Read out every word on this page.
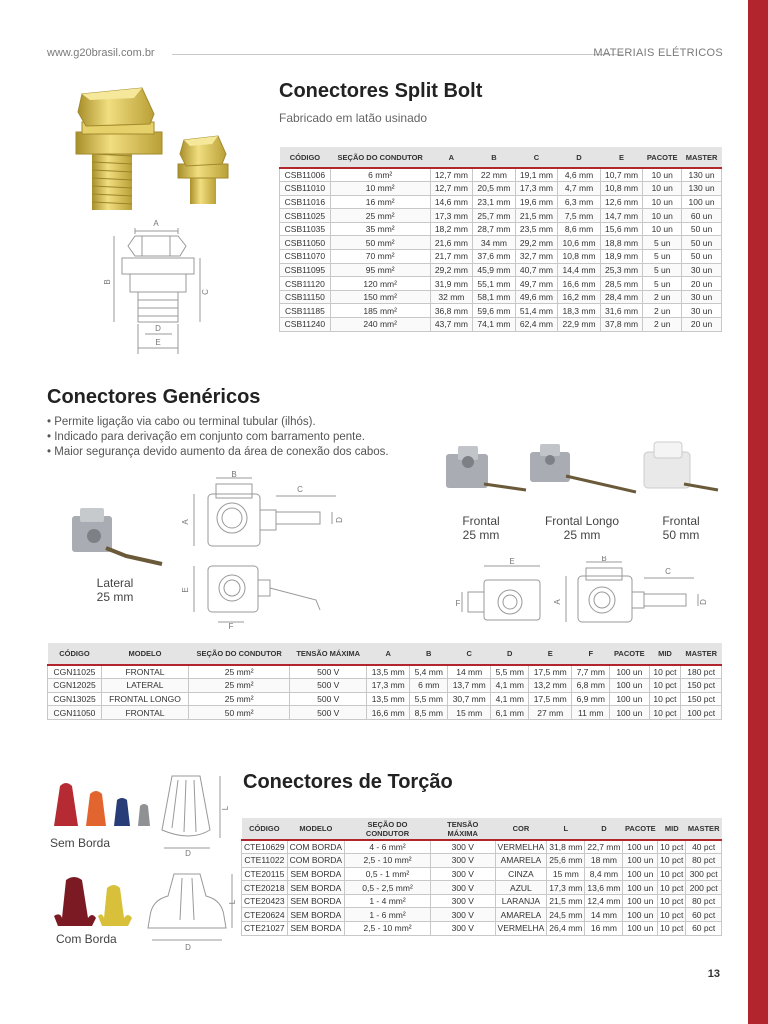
www.g20brasil.com.br	MATERIAIS ELÉTRICOS
A
B
C
D
E
Conectores Split Bolt
Fabricado em latão usinado
CÓDIGO	SEÇÃO DO CONDUTOR	A	B	C	D	E	PACOTE	MASTER
CSB11006	6 mm²	12,7 mm	22 mm	19,1 mm	4,6 mm	10,7 mm	10 un	130 un
CSB11010	10 mm²	12,7 mm	20,5 mm	17,3 mm	4,7 mm	10,8 mm	10 un	130 un
CSB11016	16 mm²	14,6 mm	23,1 mm	19,6 mm	6,3 mm	12,6 mm	10 un	100 un
CSB11025	25 mm²	17,3 mm	25,7 mm	21,5 mm	7,5 mm	14,7 mm	10 un	60 un
CSB11035	35 mm²	18,2 mm	28,7 mm	23,5 mm	8,6 mm	15,6 mm	10 un	50 un
CSB11050	50 mm²	21,6 mm	34 mm	29,2 mm	10,6 mm	18,8 mm	5 un	50 un
CSB11070	70 mm²	21,7 mm	37,6 mm	32,7 mm	10,8 mm	18,9 mm	5 un	50 un
CSB11095	95 mm²	29,2 mm	45,9 mm	40,7 mm	14,4 mm	25,3 mm	5 un	30 un
CSB11120	120 mm²	31,9 mm	55,1 mm	49,7 mm	16,6 mm	28,5 mm	5 un	20 un
CSB11150	150 mm²	32 mm	58,1 mm	49,6 mm	16,2 mm	28,4 mm	2 un	30 un
CSB11185	185 mm²	36,8 mm	59,6 mm	51,4 mm	18,3 mm	31,6 mm	2 un	30 un
CSB11240	240 mm²	43,7 mm	74,1 mm	62,4 mm	22,9 mm	37,8 mm	2 un	20 un
Conectores Genéricos
• Permite ligação via cabo ou terminal tubular (ilhós).
• Indicado para derivação em conjunto com barramento pente.
• Maior segurança devido aumento da área de conexão dos cabos.
Frontal
25 mm
Frontal Longo
25 mm
Frontal
50 mm
Lateral
25 mm
B
C
A	D
E
F
E
F
B
C
A	D
CÓDIGO	MODELO	SEÇÃO DO CONDUTOR	TENSÃO MÁXIMA	A	B	C	D	E	F	PACOTE	MID	MASTER
CGN11025	FRONTAL	25 mm²	500 V	13,5 mm	5,4 mm	14 mm	5,5 mm	17,5 mm	7,7 mm	100 un	10 pct	180 pct
CGN12025	LATERAL	25 mm²	500 V	17,3 mm	6 mm	13,7 mm	4,1 mm	13,2 mm	6,8 mm	100 un	10 pct	150 pct
CGN13025	FRONTAL LONGO	25 mm²	500 V	13,5 mm	5,5 mm	30,7 mm	4,1 mm	17,5 mm	6,9 mm	100 un	10 pct	150 pct
CGN11050	FRONTAL	50 mm²	500 V	16,6 mm	8,5 mm	15 mm	6,1 mm	27 mm	11 mm	100 un	10 pct	100 pct
Sem Borda
Com Borda
L
D
L
D
Conectores de Torção
CÓDIGO	MODELO	SEÇÃO DO CONDUTOR	TENSÃO MÁXIMA	COR	L	D	PACOTE	MID	MASTER
CTE10629	COM BORDA	4 - 6 mm²	300 V	VERMELHA	31,8 mm	22,7 mm	100 un	10 pct	40 pct
CTE11022	COM BORDA	2,5 - 10 mm²	300 V	AMARELA	25,6 mm	18 mm	100 un	10 pct	80 pct
CTE20115	SEM BORDA	0,5 - 1 mm²	300 V	CINZA	15 mm	8,4 mm	100 un	10 pct	300 pct
CTE20218	SEM BORDA	0,5 - 2,5 mm²	300 V	AZUL	17,3 mm	13,6 mm	100 un	10 pct	200 pct
CTE20423	SEM BORDA	1 - 4 mm²	300 V	LARANJA	21,5 mm	12,4 mm	100 un	10 pct	80 pct
CTE20624	SEM BORDA	1 - 6 mm²	300 V	AMARELA	24,5 mm	14 mm	100 un	10 pct	60 pct
CTE21027	SEM BORDA	2,5 - 10 mm²	300 V	VERMELHA	26,4 mm	16 mm	100 un	10 pct	60 pct
13
